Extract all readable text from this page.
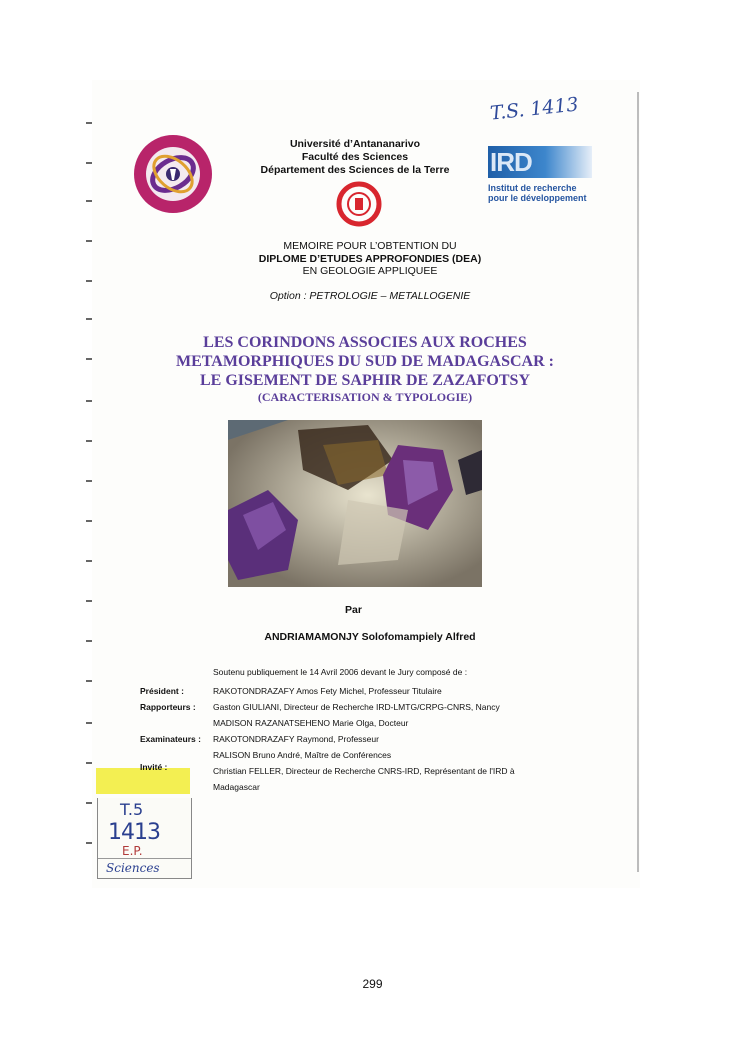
T.S. 1413
Université d’Antananarivo
Faculté des Sciences
Département des Sciences de la Terre	IRD
Institut de recherche
pour le développement
MEMOIRE POUR L’OBTENTION DU
DIPLOME D’ETUDES APPROFONDIES (DEA)
EN GEOLOGIE APPLIQUEE
Option : PETROLOGIE – METALLOGENIE
LES CORINDONS ASSOCIES AUX ROCHES
METAMORPHIQUES DU SUD DE MADAGASCAR :
LE GISEMENT DE SAPHIR DE ZAZAFOTSY
(CARACTERISATION & TYPOLOGIE)
Par
ANDRIAMAMONJY Solofomampiely Alfred
Soutenu publiquement le 14 Avril 2006 devant le Jury composé de :
Invité :
Président :	RAKOTONDRAZAFY Amos Fety Michel, Professeur Titulaire
Rapporteurs : Gaston GIULIANI, Directeur de Recherche IRD-LMTG/CRPG-CNRS, Nancy
MADISON RAZANATSEHENO Marie Olga, Docteur
Examinateurs : RAKOTONDRAZAFY Raymond, Professeur
RALISON Bruno André, Maître de Conférences
Christian FELLER, Directeur de Recherche CNRS-IRD, Représentant de l'IRD à
Madagascar
T.5
1413
E.P.
Sciences
299
